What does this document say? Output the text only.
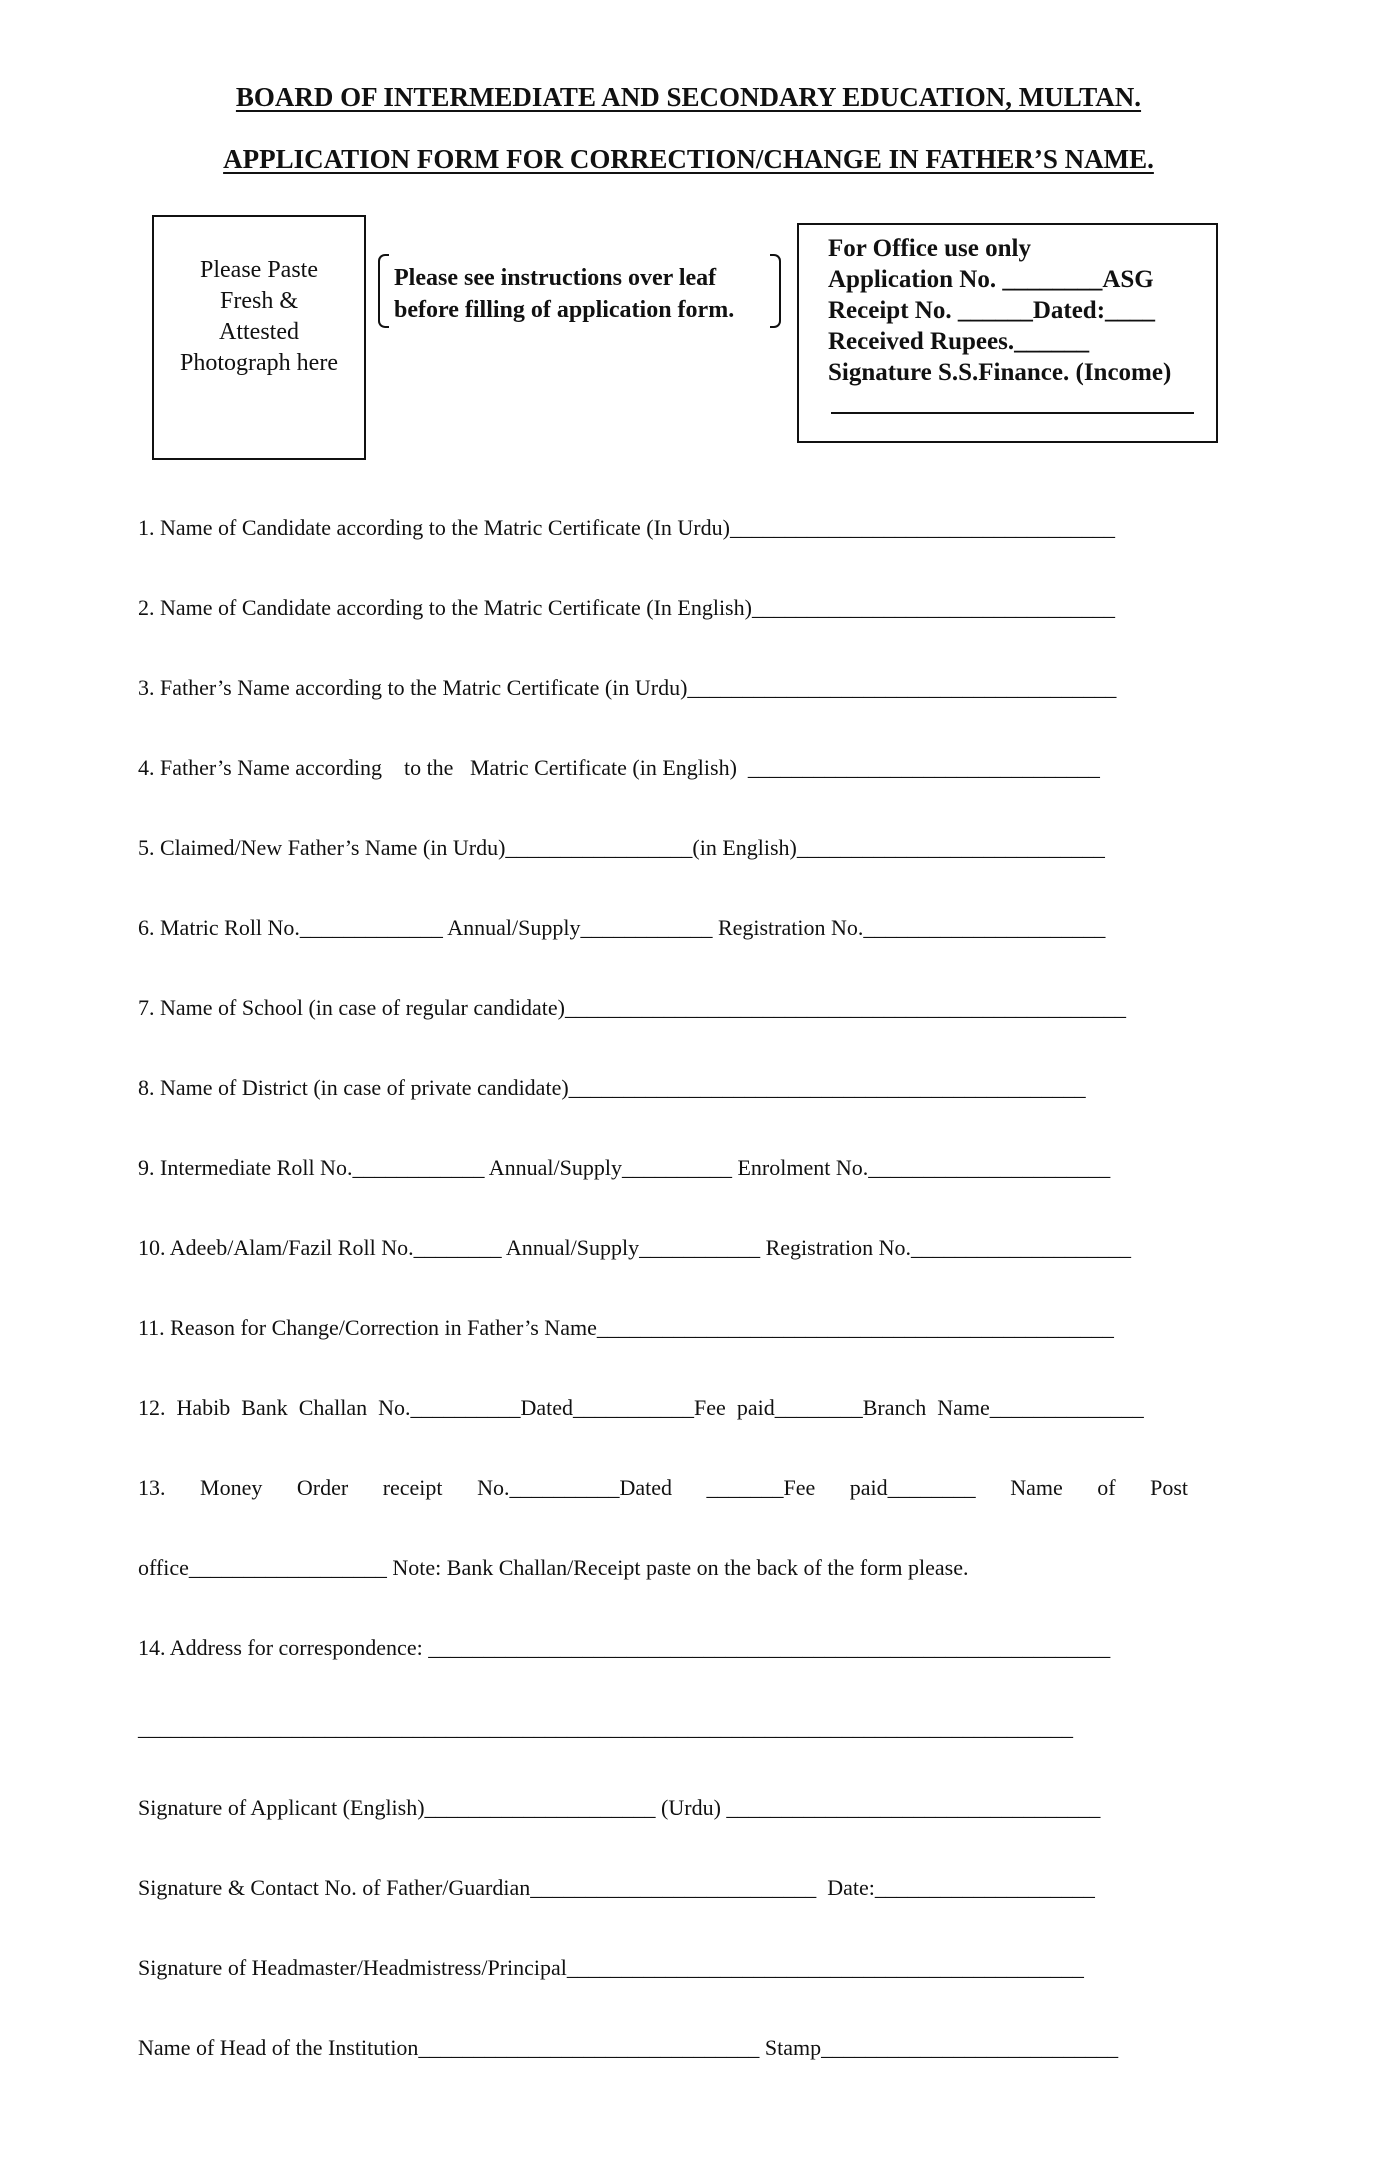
BOARD OF INTERMEDIATE AND SECONDARY EDUCATION, MULTAN.
APPLICATION FORM FOR CORRECTION/CHANGE IN FATHER’S NAME.
Please Paste
Fresh &
Attested
Photograph here
Please see instructions over leaf
before filling of application form.
For Office use only
Application No. ________ASG
Receipt No. ______Dated:____
Received Rupees.______
Signature S.S.Finance. (Income)
1. Name of Candidate according to the Matric Certificate (In Urdu)___________________________________
2. Name of Candidate according to the Matric Certificate (In English)_________________________________
3. Father’s Name according to the Matric Certificate (in Urdu)_______________________________________
4. Father’s Name according    to the   Matric Certificate (in English)  ________________________________
5. Claimed/New Father’s Name (in Urdu)_________________(in English)____________________________
6. Matric Roll No._____________ Annual/Supply____________ Registration No.______________________
7. Name of School (in case of regular candidate)___________________________________________________
8. Name of District (in case of private candidate)_______________________________________________
9. Intermediate Roll No.____________ Annual/Supply__________ Enrolment No.______________________
10. Adeeb/Alam/Fazil Roll No.________ Annual/Supply___________ Registration No.____________________
11. Reason for Change/Correction in Father’s Name_______________________________________________
12.  Habib  Bank  Challan  No.__________Dated___________Fee  paid________Branch  Name______________
13. Money Order receipt No.__________Dated _______Fee paid________ Name of Post
office__________________ Note: Bank Challan/Receipt paste on the back of the form please.
14. Address for correspondence: ______________________________________________________________
_____________________________________________________________________________________
Signature of Applicant (English)_____________________ (Urdu) __________________________________
Signature & Contact No. of Father/Guardian__________________________  Date:____________________
Signature of Headmaster/Headmistress/Principal_______________________________________________
Name of Head of the Institution_______________________________ Stamp___________________________
